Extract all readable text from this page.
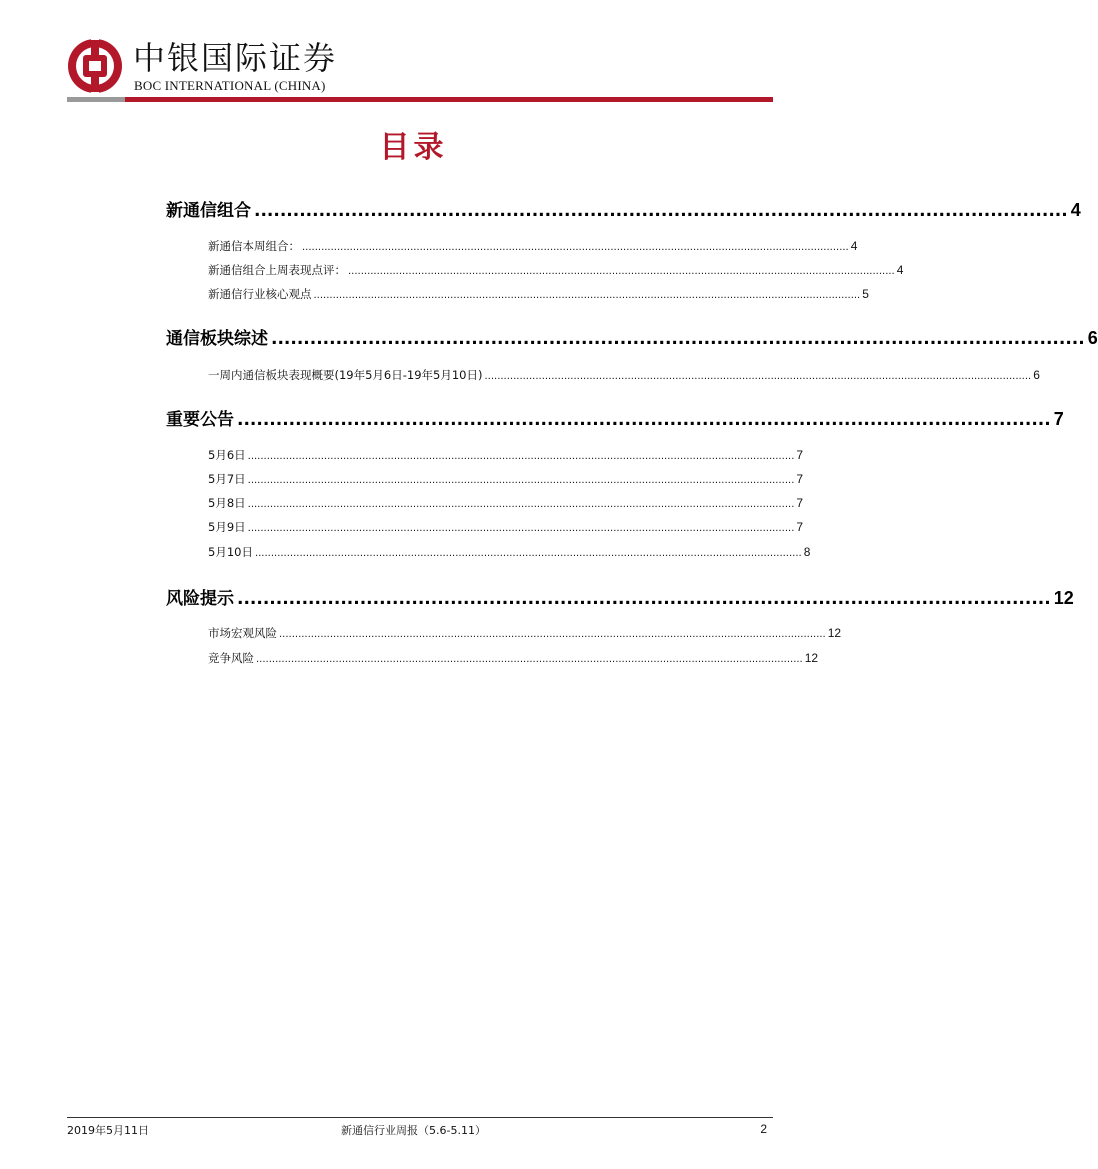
中银国际证券
BOC INTERNATIONAL (CHINA)
目录
新通信组合 .............................................................................................................................. 4
新通信本周组合： ............................................................................................................................................................................ 4
新通信组合上周表现点评： ............................................................................................................................................................................ 4
新通信行业核心观点 ............................................................................................................................................................................ 5
通信板块综述 .............................................................................................................................. 6
一周内通信板块表现概要(19年5月6日-19年5月10日) ............................................................................................................................................................................ 6
重要公告 .............................................................................................................................. 7
5月6日 ............................................................................................................................................................................ 7
5月7日 ............................................................................................................................................................................ 7
5月8日 ............................................................................................................................................................................ 7
5月9日 ............................................................................................................................................................................ 7
5月10日 ............................................................................................................................................................................ 8
风险提示 .............................................................................................................................. 12
市场宏观风险 ............................................................................................................................................................................ 12
竞争风险 ............................................................................................................................................................................ 12
2019年5月11日	新通信行业周报（5.6-5.11）	2
